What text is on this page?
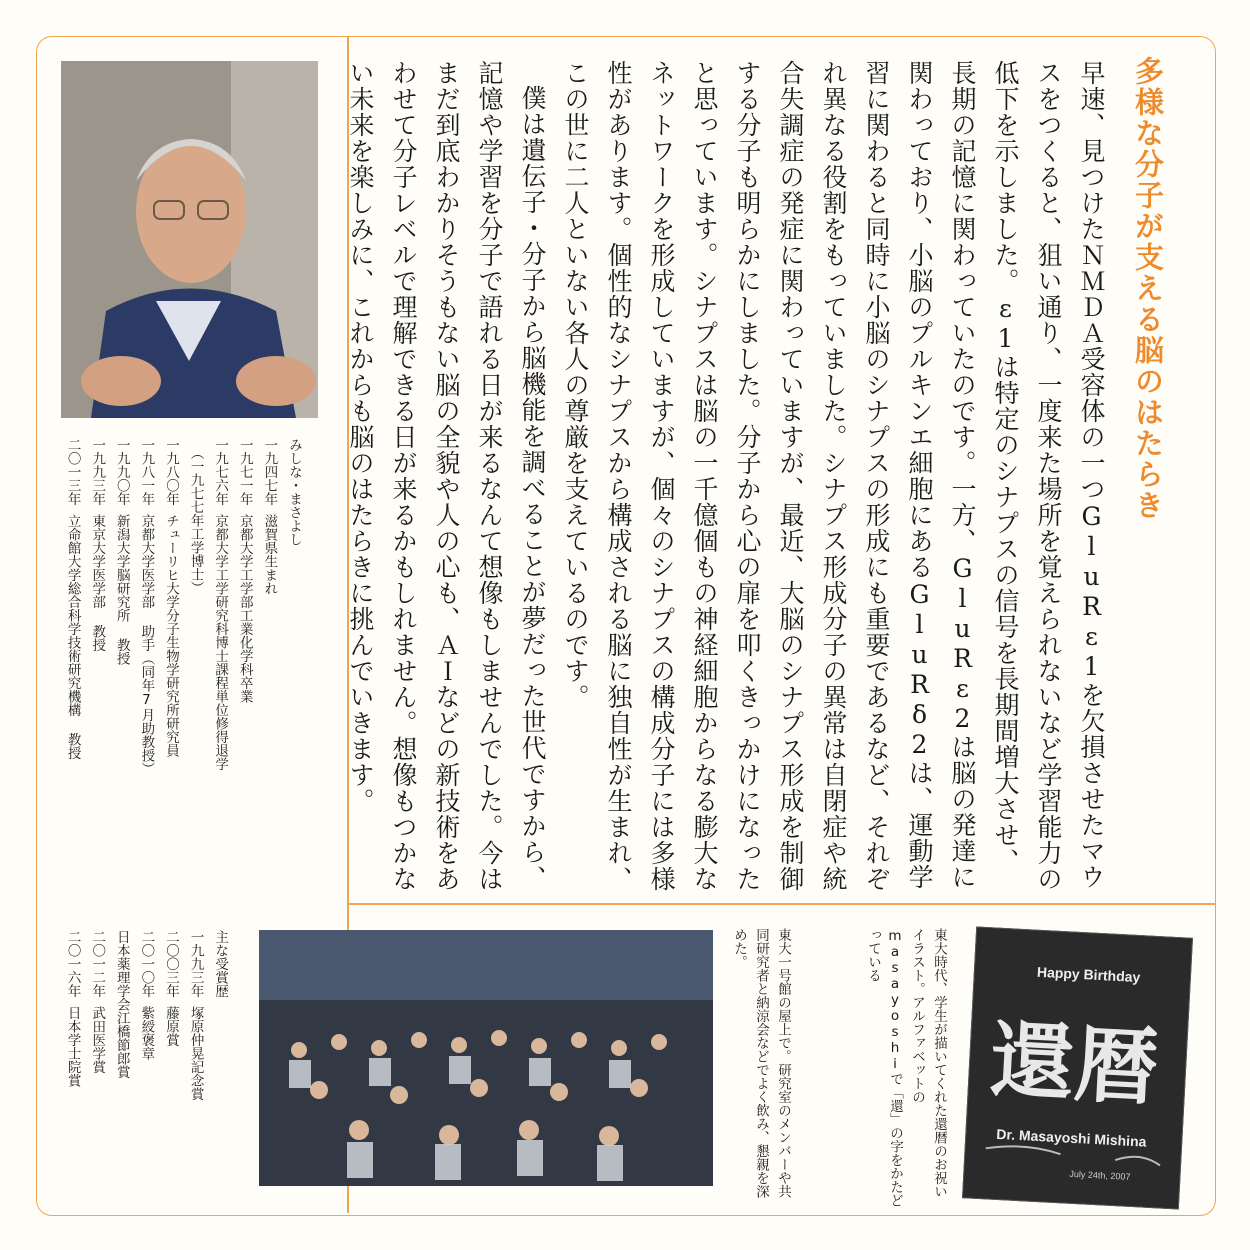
多様な分子が支える脳のはたらき

早速、見つけたＮＭＤＡ受容体の一つGluRε1を欠損させたマウスをつくると、狙い通り、一度来た場所を覚えられないなど学習能力の低下を示しました。ε1は特定のシナプスの信号を長期間増大させ、長期の記憶に関わっていたのです。一方、GluRε2は脳の発達に関わっており、小脳のプルキンエ細胞にあるGluRδ2は、運動学習に関わると同時に小脳のシナプスの形成にも重要であるなど、それぞれ異なる役割をもっていました。シナプス形成分子の異常は自閉症や統合失調症の発症に関わっていますが、最近、大脳のシナプス形成を制御する分子も明らかにしました。分子から心の扉を叩くきっかけになったと思っています。シナプスは脳の一千億個もの神経細胞からなる膨大なネットワークを形成していますが、個々のシナプスの構成分子には多様性があります。個性的なシナプスから構成される脳に独自性が生まれ、この世に二人といない各人の尊厳を支えているのです。

僕は遺伝子・分子から脳機能を調べることが夢だった世代ですから、記憶や学習を分子で語れる日が来るなんて想像もしませんでした。今はまだ到底わかりそうもない脳の全貌や人の心も、ＡＩなどの新技術をあわせて分子レベルで理解できる日が来るかもしれません。想像もつかない未来を楽しみに、これからも脳のはたらきに挑んでいきます。

みしな・まさよし
一九四七年滋賀県生まれ
一九七一年京都大学工学部工業化学科卒業
一九七六年京都大学工学研究科博士課程単位修得退学
（一九七七年工学博士）
一九八〇年チューリヒ大学分子生物学研究所研究員
一九八一年京都大学医学部 助手（同年7月助教授）
一九九〇年新潟大学脳研究所 教授
一九九三年東京大学医学部 教授
二〇一三年立命館大学総合科学技術研究機構 教授
主な受賞歴
一九九三年塚原仲晃記念賞
二〇〇三年藤原賞
二〇一〇年紫綬褒章
日本薬理学会江橋節郎賞
二〇一二年武田医学賞
二〇一六年日本学士院賞	東大一号館の屋上で。研究室のメンバーや共同研究者と納涼会などでよく飲み、懇親を深めた。	東大時代、学生が描いてくれた還暦のお祝いイラスト。アルファベットのmasayoshiで「還」の字をかたどっている	Happy Birthday
還暦
Dr. Masayoshi Mishina
July 24th, 2007
